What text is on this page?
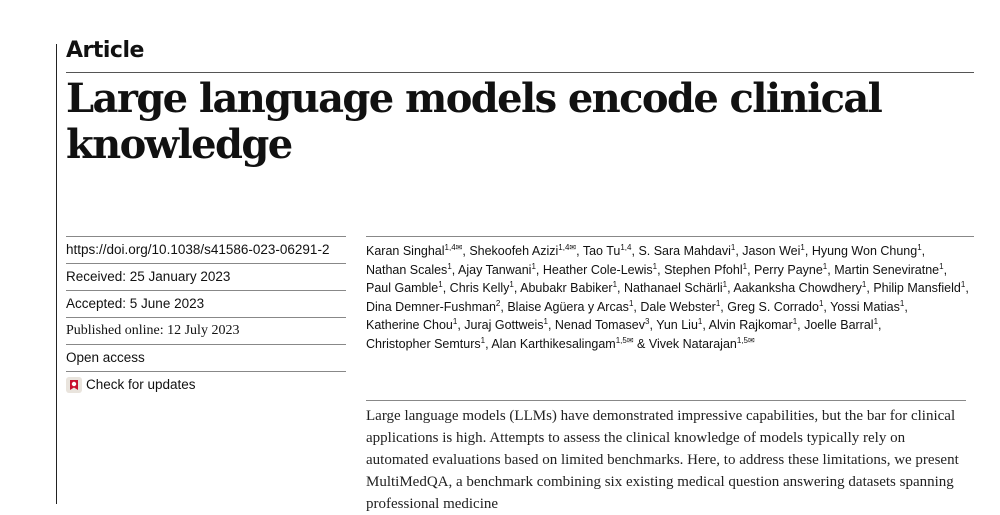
Article
Large language models encode clinical knowledge
https://doi.org/10.1038/s41586-023-06291-2
Received: 25 January 2023
Accepted: 5 June 2023
Published online: 12 July 2023
Open access
Check for updates
Karan Singhal$^{1,4✉}$, Shekoofeh Azizi$^{1,4✉}$, Tao Tu$^{1,4}$, S. Sara Mahdavi$^1$, Jason Wei$^1$, Hyung Won Chung$^1$, Nathan Scales$^1$, Ajay Tanwani$^1$, Heather Cole-Lewis$^1$, Stephen Pfohl$^1$, Perry Payne$^1$, Martin Seneviratne$^1$, Paul Gamble$^1$, Chris Kelly$^1$, Abubakr Babiker$^1$, Nathanael Schärli$^1$, Aakanksha Chowdhery$^1$, Philip Mansfield$^1$, Dina Demner-Fushman$^2$, Blaise Agüera y Arcas$^1$, Dale Webster$^1$, Greg S. Corrado$^1$, Yossi Matias$^1$, Katherine Chou$^1$, Juraj Gottweis$^1$, Nenad Tomasev$^3$, Yun Liu$^1$, Alvin Rajkomar$^1$, Joelle Barral$^1$, Christopher Semturs$^1$, Alan Karthikesalingam$^{1,5✉}$ & Vivek Natarajan$^{1,5✉}$

Large language models (LLMs) have demonstrated impressive capabilities, but the bar for clinical applications is high. Attempts to assess the clinical knowledge of models typically rely on automated evaluations based on limited benchmarks. Here, to address these limitations, we present MultiMedQA, a benchmark combining six existing medical question answering datasets spanning professional medicine
